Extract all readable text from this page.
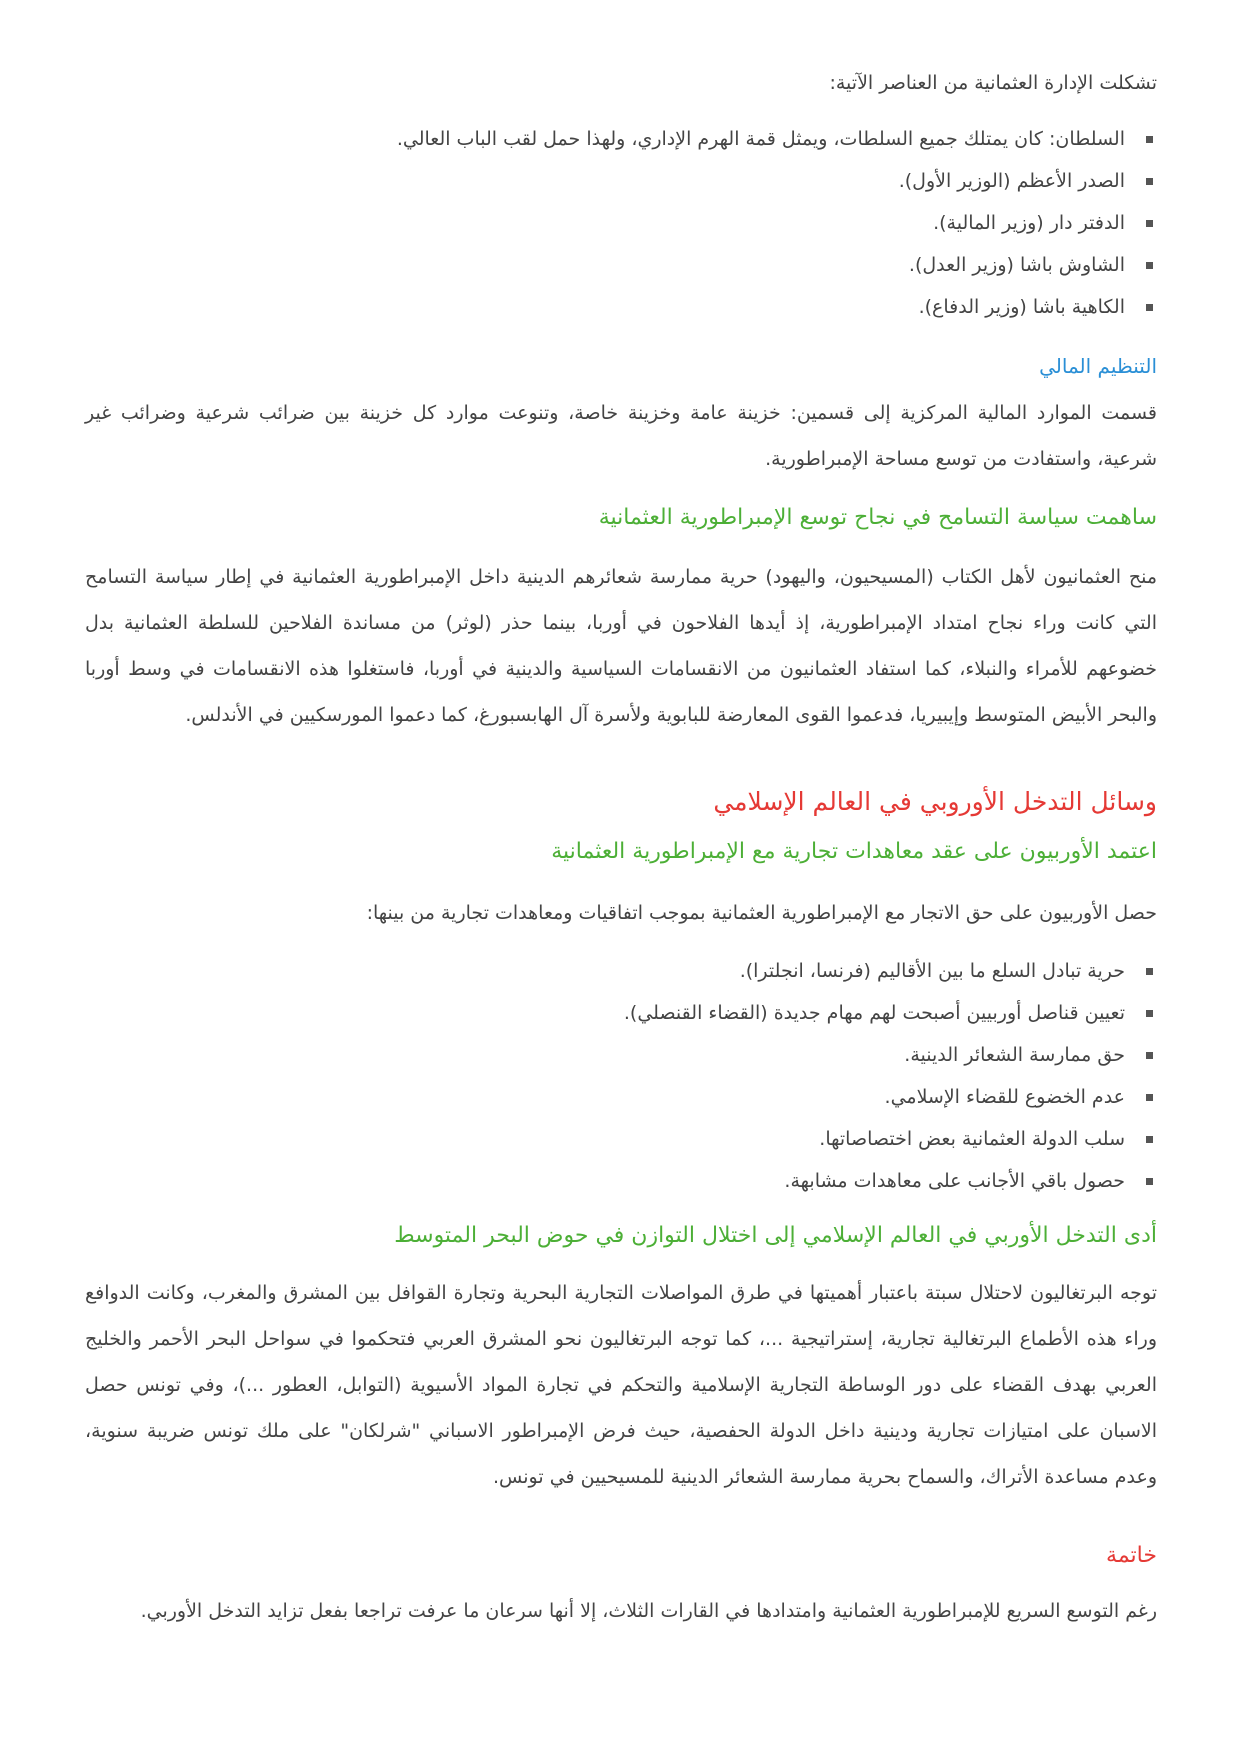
تشكلت الإدارة العثمانية من العناصر الآتية:

السلطان: كان يمتلك جميع السلطات، ويمثل قمة الهرم الإداري، ولهذا حمل لقب الباب العالي.
الصدر الأعظم (الوزير الأول).
الدفتر دار (وزير المالية).
الشاوش باشا (وزير العدل).
الكاهية باشا (وزير الدفاع).
التنظيم المالي

قسمت الموارد المالية المركزية إلى قسمين: خزينة عامة وخزينة خاصة، وتنوعت موارد كل خزينة بين ضرائب شرعية وضرائب غير شرعية، واستفادت من توسع مساحة الإمبراطورية.

ساهمت سياسة التسامح في نجاح توسع الإمبراطورية العثمانية

منح العثمانيون لأهل الكتاب (المسيحيون، واليهود) حرية ممارسة شعائرهم الدينية داخل الإمبراطورية العثمانية في إطار سياسة التسامح التي كانت وراء نجاح امتداد الإمبراطورية، إذ أيدها الفلاحون في أوربا، بينما حذر (لوثر) من مساندة الفلاحين للسلطة العثمانية بدل خضوعهم للأمراء والنبلاء، كما استفاد العثمانيون من الانقسامات السياسية والدينية في أوربا، فاستغلوا هذه الانقسامات في وسط أوربا والبحر الأبيض المتوسط وإيبيريا، فدعموا القوى المعارضة للبابوية ولأسرة آل الهابسبورغ، كما دعموا المورسكيين في الأندلس.

وسائل التدخل الأوروبي في العالم الإسلامي
اعتمد الأوربيون على عقد معاهدات تجارية مع الإمبراطورية العثمانية

حصل الأوربيون على حق الاتجار مع الإمبراطورية العثمانية بموجب اتفاقيات ومعاهدات تجارية من بينها:

حرية تبادل السلع ما بين الأقاليم (فرنسا، انجلترا).
تعيين قناصل أوربيين أصبحت لهم مهام جديدة (القضاء القنصلي).
حق ممارسة الشعائر الدينية.
عدم الخضوع للقضاء الإسلامي.
سلب الدولة العثمانية بعض اختصاصاتها.
حصول باقي الأجانب على معاهدات مشابهة.
أدى التدخل الأوربي في العالم الإسلامي إلى اختلال التوازن في حوض البحر المتوسط

توجه البرتغاليون لاحتلال سبتة باعتبار أهميتها في طرق المواصلات التجارية البحرية وتجارة القوافل بين المشرق والمغرب، وكانت الدوافع وراء هذه الأطماع البرتغالية تجارية، إستراتيجية ...، كما توجه البرتغاليون نحو المشرق العربي فتحكموا في سواحل البحر الأحمر والخليج العربي بهدف القضاء على دور الوساطة التجارية الإسلامية والتحكم في تجارة المواد الأسيوية (التوابل، العطور ...)، وفي تونس حصل الاسبان على امتيازات تجارية ودينية داخل الدولة الحفصية، حيث فرض الإمبراطور الاسباني "شرلكان" على ملك تونس ضريبة سنوية، وعدم مساعدة الأتراك، والسماح بحرية ممارسة الشعائر الدينية للمسيحيين في تونس.

خاتمة

رغم التوسع السريع للإمبراطورية العثمانية وامتدادها في القارات الثلاث، إلا أنها سرعان ما عرفت تراجعا بفعل تزايد التدخل الأوربي.
